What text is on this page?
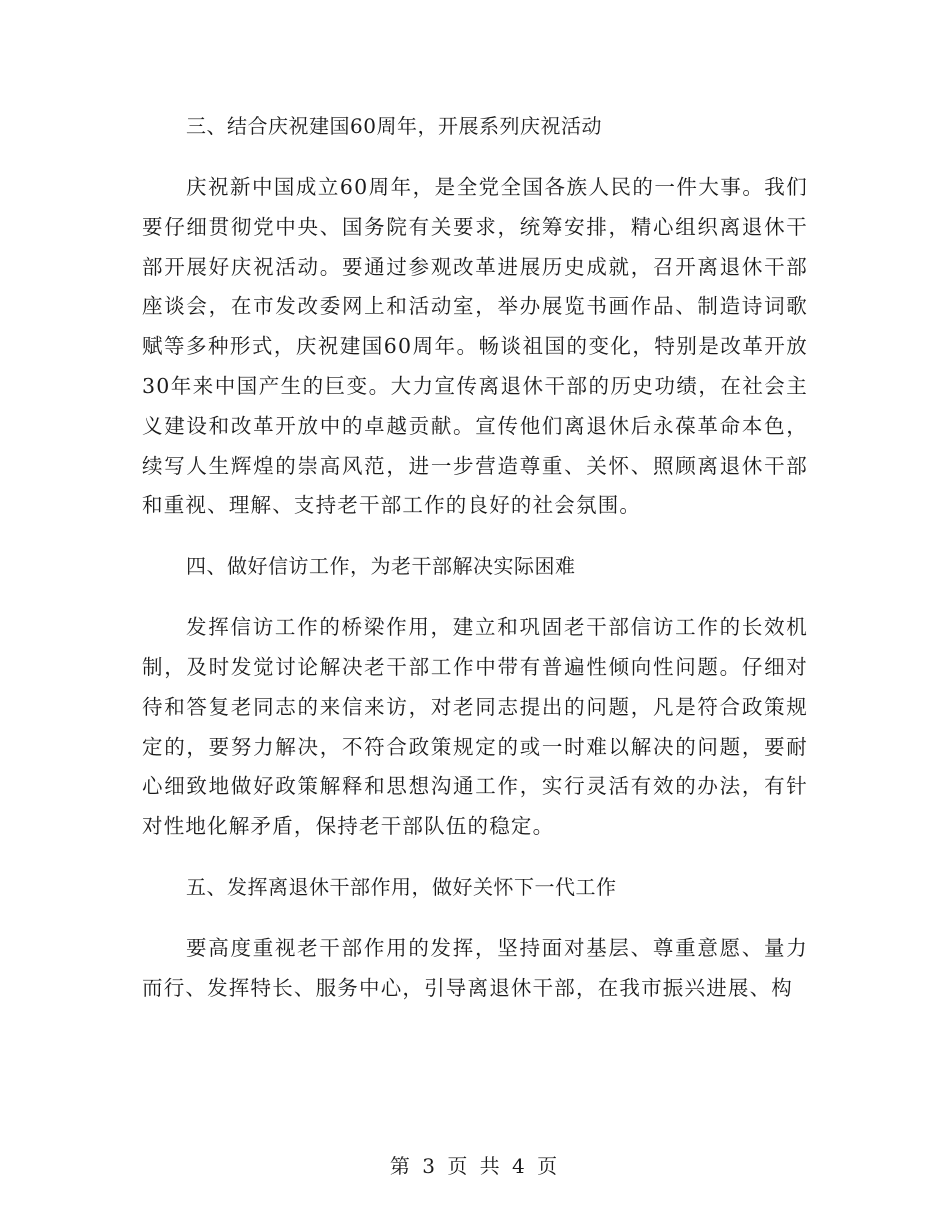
三、结合庆祝建国60周年，开展系列庆祝活动

庆祝新中国成立60周年，是全党全国各族人民的一件大事。我们要仔细贯彻党中央、国务院有关要求，统筹安排，精心组织离退休干部开展好庆祝活动。要通过参观改革进展历史成就，召开离退休干部座谈会，在市发改委网上和活动室，举办展览书画作品、制造诗词歌赋等多种形式，庆祝建国60周年。畅谈祖国的变化，特别是改革开放30年来中国产生的巨变。大力宣传离退休干部的历史功绩，在社会主义建设和改革开放中的卓越贡献。宣传他们离退休后永葆革命本色，续写人生辉煌的崇高风范，进一步营造尊重、关怀、照顾离退休干部和重视、理解、支持老干部工作的良好的社会氛围。

四、做好信访工作，为老干部解决实际困难

发挥信访工作的桥梁作用，建立和巩固老干部信访工作的长效机制，及时发觉讨论解决老干部工作中带有普遍性倾向性问题。仔细对待和答复老同志的来信来访，对老同志提出的问题，凡是符合政策规定的，要努力解决，不符合政策规定的或一时难以解决的问题，要耐心细致地做好政策解释和思想沟通工作，实行灵活有效的办法，有针对性地化解矛盾，保持老干部队伍的稳定。

五、发挥离退休干部作用，做好关怀下一代工作

要高度重视老干部作用的发挥，坚持面对基层、尊重意愿、量力而行、发挥特长、服务中心，引导离退休干部，在我市振兴进展、构

第 3 页 共 4 页
